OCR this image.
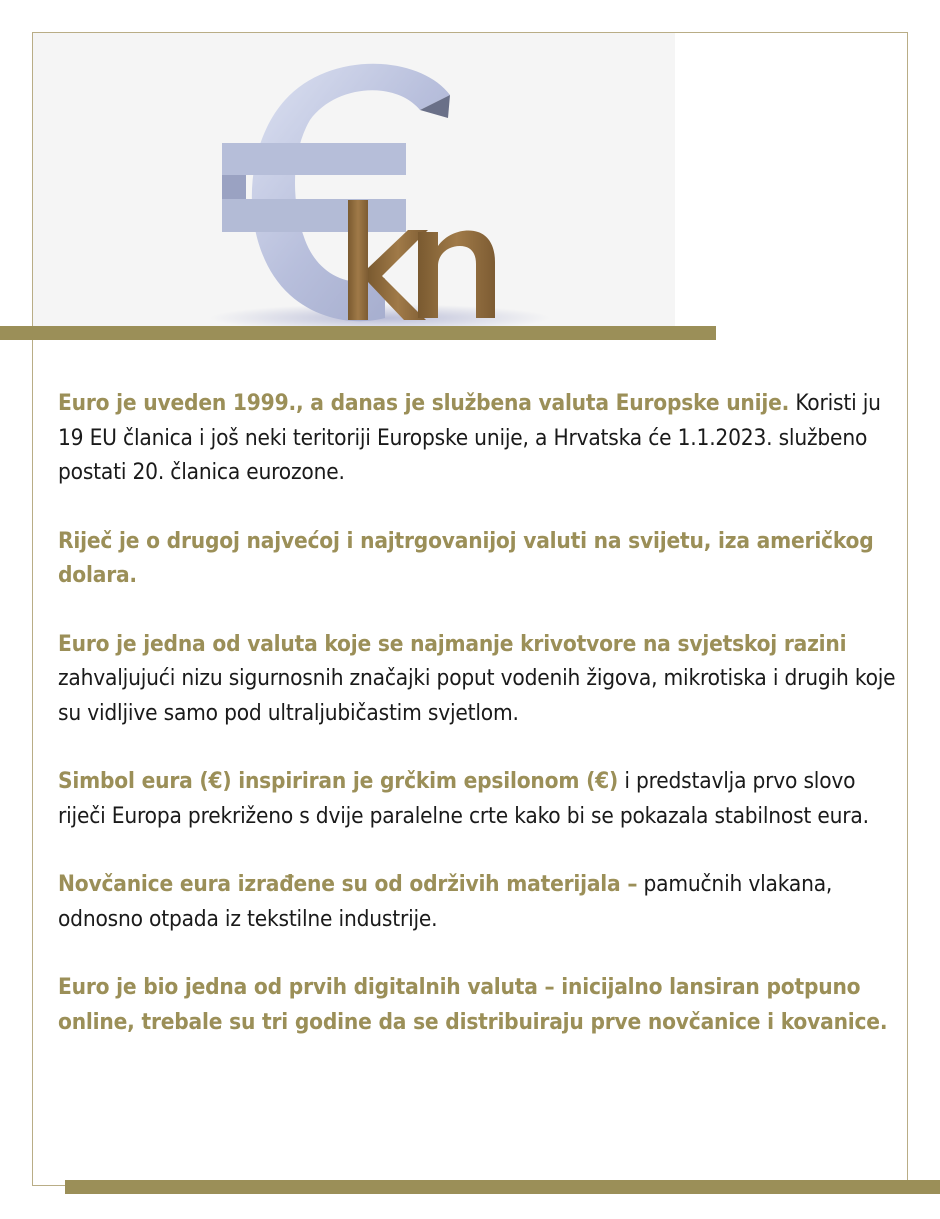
Euro je uveden 1999., a danas je službena valuta Europske unije. Koristi ju 19 EU članica i još neki teritoriji Europske unije, a Hrvatska će 1.1.2023. službeno postati 20. članica eurozone.

Riječ je o drugoj najvećoj i najtrgovanijoj valuti na svijetu, iza američkog dolara.

Euro je jedna od valuta koje se najmanje krivotvore na svjetskoj razini zahvaljujući nizu sigurnosnih značajki poput vodenih žigova, mikrotiska i drugih koje su vidljive samo pod ultraljubičastim svjetlom.

Simbol eura (€) inspiriran je grčkim epsilonom (€) i predstavlja prvo slovo riječi Europa prekriženo s dvije paralelne crte kako bi se pokazala stabilnost eura.

Novčanice eura izrađene su od održivih materijala – pamučnih vlakana, odnosno otpada iz tekstilne industrije.

Euro je bio jedna od prvih digitalnih valuta – inicijalno lansiran potpuno online, trebale su tri godine da se distribuiraju prve novčanice i kovanice.
